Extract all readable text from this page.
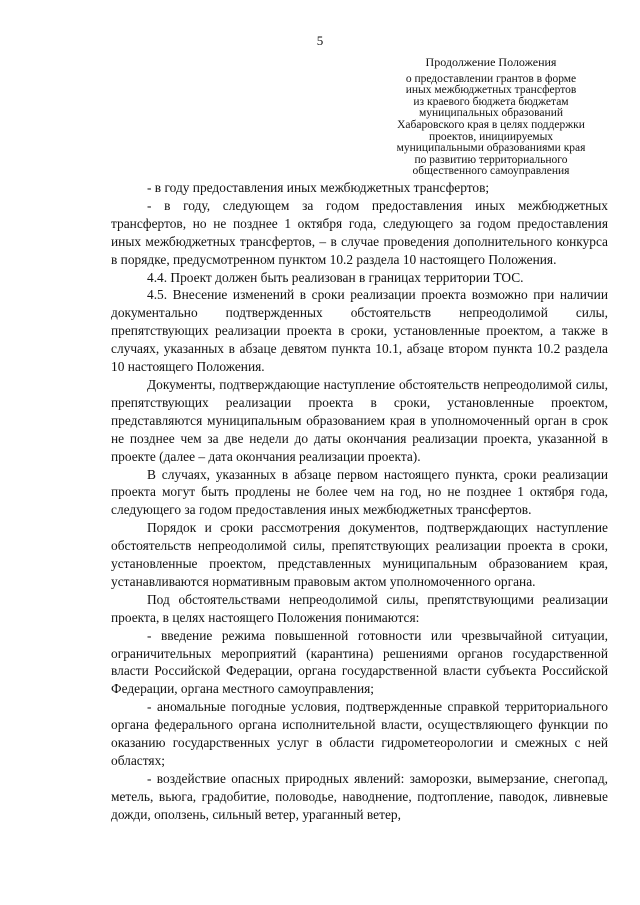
5
Продолжение Положения
о предоставлении грантов в форме
иных межбюджетных трансфертов
из краевого бюджета бюджетам
муниципальных образований
Хабаровского края в целях поддержки
проектов, инициируемых
муниципальными образованиями края
по развитию территориального
общественного самоуправления

- в году предоставления иных межбюджетных трансфертов;

- в году, следующем за годом предоставления иных межбюджетных трансфертов, но не позднее 1 октября года, следующего за годом предоставления иных межбюджетных трансфертов, – в случае проведения дополнительного конкурса в порядке, предусмотренном пунктом 10.2 раздела 10 настоящего Положения.

4.4. Проект должен быть реализован в границах территории ТОС.

4.5. Внесение изменений в сроки реализации проекта возможно при наличии документально подтвержденных обстоятельств непреодолимой силы, препятствующих реализации проекта в сроки, установленные проектом, а также в случаях, указанных в абзаце девятом пункта 10.1, абзаце втором пункта 10.2 раздела 10 настоящего Положения.

Документы, подтверждающие наступление обстоятельств непреодолимой силы, препятствующих реализации проекта в сроки, установленные проектом, представляются муниципальным образованием края в уполномоченный орган в срок не позднее чем за две недели до даты окончания реализации проекта, указанной в проекте (далее – дата окончания реализации проекта).

В случаях, указанных в абзаце первом настоящего пункта, сроки реализации проекта могут быть продлены не более чем на год, но не позднее 1 октября года, следующего за годом предоставления иных межбюджетных трансфертов.

Порядок и сроки рассмотрения документов, подтверждающих наступление обстоятельств непреодолимой силы, препятствующих реализации проекта в сроки, установленные проектом, представленных муниципальным образованием края, устанавливаются нормативным правовым актом уполномоченного органа.

Под обстоятельствами непреодолимой силы, препятствующими реализации проекта, в целях настоящего Положения понимаются:

- введение режима повышенной готовности или чрезвычайной ситуации, ограничительных мероприятий (карантина) решениями органов государственной власти Российской Федерации, органа государственной власти субъекта Российской Федерации, органа местного самоуправления;

- аномальные погодные условия, подтвержденные справкой территориального органа федерального органа исполнительной власти, осуществляющего функции по оказанию государственных услуг в области гидрометеорологии и смежных с ней областях;

- воздействие опасных природных явлений: заморозки, вымерзание, снегопад, метель, вьюга, градобитие, половодье, наводнение, подтопление, паводок, ливневые дожди, оползень, сильный ветер, ураганный ветер,
